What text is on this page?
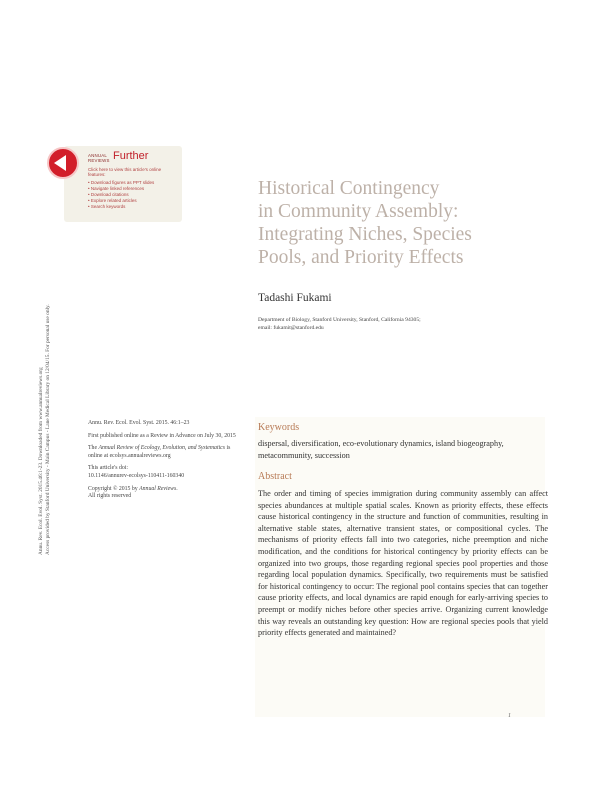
ANNUAL
REVIEWS Further
Click here to view this article's online features:
• Download figures as PPT slides
• Navigate linked references
• Download citations
• Explore related articles
• Search keywords
Annu. Rev. Ecol. Evol. Syst. 2015.46:1-23. Downloaded from www.annualreviews.org Access provided by Stanford University - Main Campus - Lane Medical Library on 12/04/15. For personal use only.
Historical Contingency
in Community Assembly:
Integrating Niches, Species
Pools, and Priority Effects
Tadashi Fukami
Department of Biology, Stanford University, Stanford, California 94305;
email: fukamit@stanford.edu

Annu. Rev. Ecol. Evol. Syst. 2015. 46:1–23

First published online as a Review in Advance on July 30, 2015

The Annual Review of Ecology, Evolution, and Systematics is online at ecolsys.annualreviews.org

This article's doi:
10.1146/annurev-ecolsys-110411-160340

Copyright © 2015 by Annual Reviews.
All rights reserved

Keywords
dispersal, diversification, eco-evolutionary dynamics, island biogeography, metacommunity, succession
Abstract
The order and timing of species immigration during community assembly can affect species abundances at multiple spatial scales. Known as priority effects, these effects cause historical contingency in the structure and function of communities, resulting in alternative stable states, alternative transient states, or compositional cycles. The mechanisms of priority effects fall into two categories, niche preemption and niche modification, and the conditions for historical contingency by priority effects can be organized into two groups, those regarding regional species pool properties and those regarding local population dynamics. Specifically, two requirements must be satisfied for historical contingency to occur: The regional pool contains species that can together cause priority effects, and local dynamics are rapid enough for early-arriving species to preempt or modify niches before other species arrive. Organizing current knowledge this way reveals an outstanding key question: How are regional species pools that yield priority effects generated and maintained?
1
